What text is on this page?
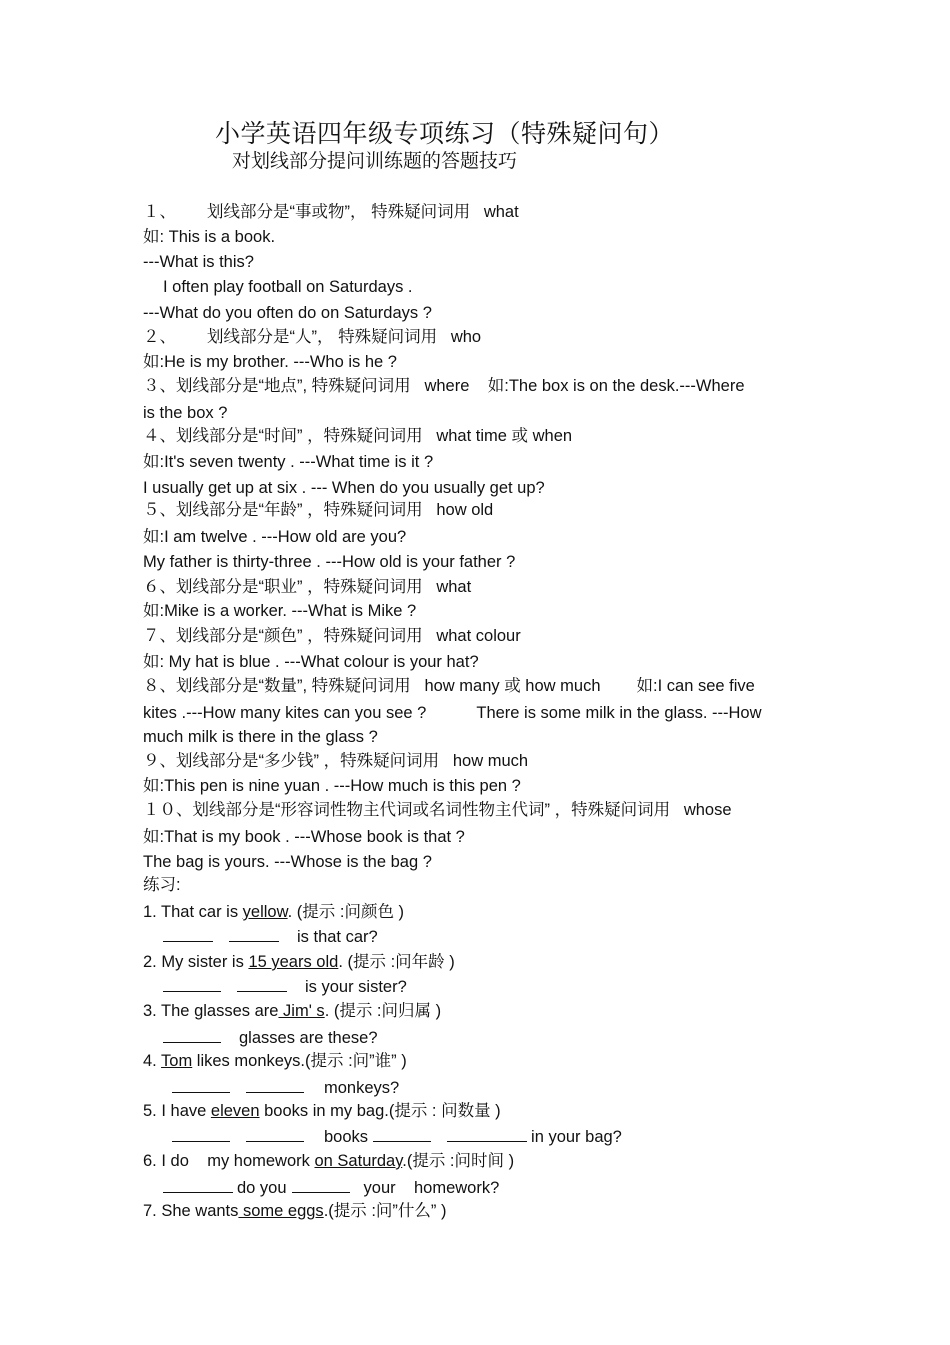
小学英语四年级专项练习（特殊疑问句）
对划线部分提问训练题的答题技巧
１、 划线部分是“事或物”， 特殊疑问词用 what
如: This is a book.
---What is this?
I often play football on Saturdays .
---What do you often do on Saturdays ?
２、 划线部分是“人”， 特殊疑问词用 who
如:He is my brother. ---Who is he ?
３、划线部分是“地点”, 特殊疑问词用 where 如:The box is on the desk.---Where
is the box ?
４、划线部分是“时间” ，特殊疑问词用 what time 或 when
如:It's seven twenty . ---What time is it ?
I usually get up at six . --- When do you usually get up?
５、划线部分是“年龄” ，特殊疑问词用 how old
如:I am twelve . ---How old are you?
My father is thirty-three . ---How old is your father ?
６、划线部分是“职业” ，特殊疑问词用 what
如:Mike is a worker. ---What is Mike ?
７、划线部分是“颜色” ，特殊疑问词用 what colour
如: My hat is blue . ---What colour is your hat?
８、划线部分是“数量”, 特殊疑问词用 how many 或 how much 如:I can see five
kites .---How many kites can you see ?	There is some milk in the glass. ---How
much milk is there in the glass ?
９、划线部分是“多少钱” ，特殊疑问词用 how much
如:This pen is nine yuan . ---How much is this pen ?
１０、划线部分是“形容词性物主代词或名词性物主代词” ，特殊疑问词用 whose
如:That is my book . ---Whose book is that ?
The bag is yours. ---Whose is the bag ?
练习:
1. That car is yellow. (提示 :问颜色 )
is that car?
2. My sister is 15 years old. (提示 :问年龄 )
is your sister?
3. The glasses are Jim' s. (提示 :问归属 )
glasses are these?
4. Tom likes monkeys.(提示 :问”谁” )
monkeys?
5. I have eleven books in my bag.(提示 : 问数量 )
books	in your bag?
6. I do    my homework on Saturday.(提示 :问时间 )
do you	your    homework?
7. She wants some eggs.(提示 :问”什么” )
